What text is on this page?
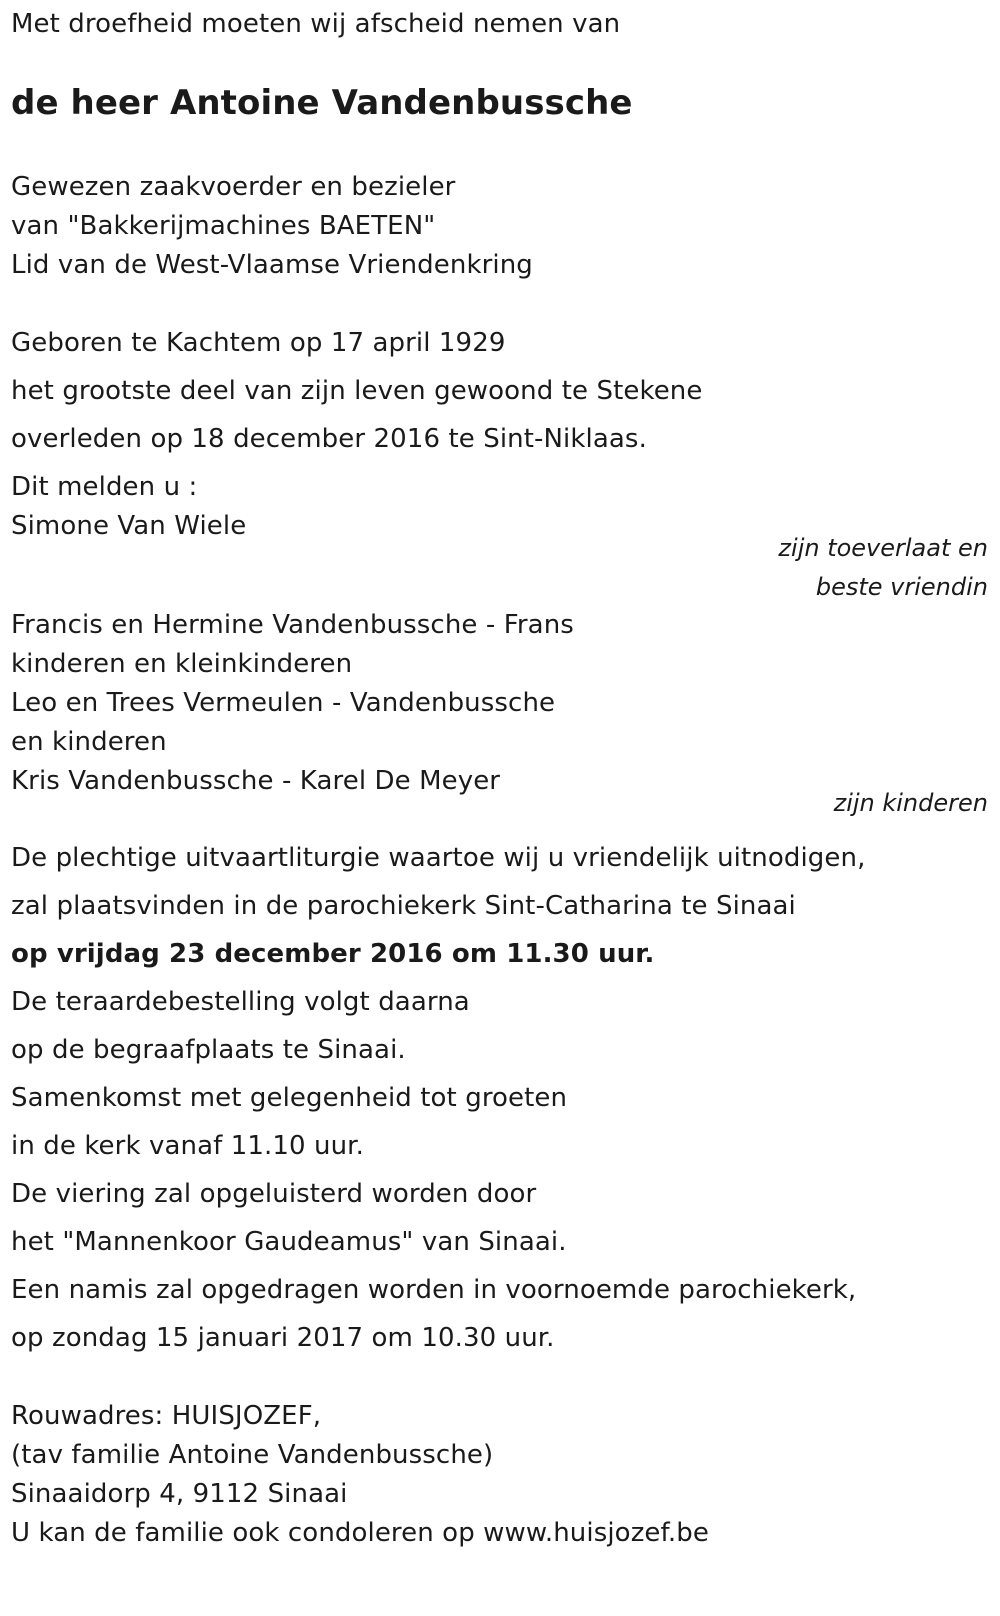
Met droefheid moeten wij afscheid nemen van
de heer Antoine Vandenbussche
Gewezen zaakvoerder en bezieler
van "Bakkerijmachines BAETEN"
Lid van de West-Vlaamse Vriendenkring
Geboren te Kachtem op 17 april 1929
het grootste deel van zijn leven gewoond te Stekene
overleden op 18 december 2016 te Sint-Niklaas.
Dit melden u :
Simone Van Wiele
zijn toeverlaat en
beste vriendin
Francis en Hermine Vandenbussche - Frans
kinderen en kleinkinderen
Leo en Trees Vermeulen - Vandenbussche
en kinderen
Kris Vandenbussche - Karel De Meyer
zijn kinderen
De plechtige uitvaartliturgie waartoe wij u vriendelijk uitnodigen,
zal plaatsvinden in de parochiekerk Sint-Catharina te Sinaai
op vrijdag 23 december 2016 om 11.30 uur.
De teraardebestelling volgt daarna
op de begraafplaats te Sinaai.
Samenkomst met gelegenheid tot groeten
in de kerk vanaf 11.10 uur.
De viering zal opgeluisterd worden door
het "Mannenkoor Gaudeamus" van Sinaai.
Een namis zal opgedragen worden in voornoemde parochiekerk,
op zondag 15 januari 2017 om 10.30 uur.
Rouwadres: HUISJOZEF,
(tav familie Antoine Vandenbussche)
Sinaaidorp 4, 9112 Sinaai
U kan de familie ook condoleren op www.huisjozef.be
